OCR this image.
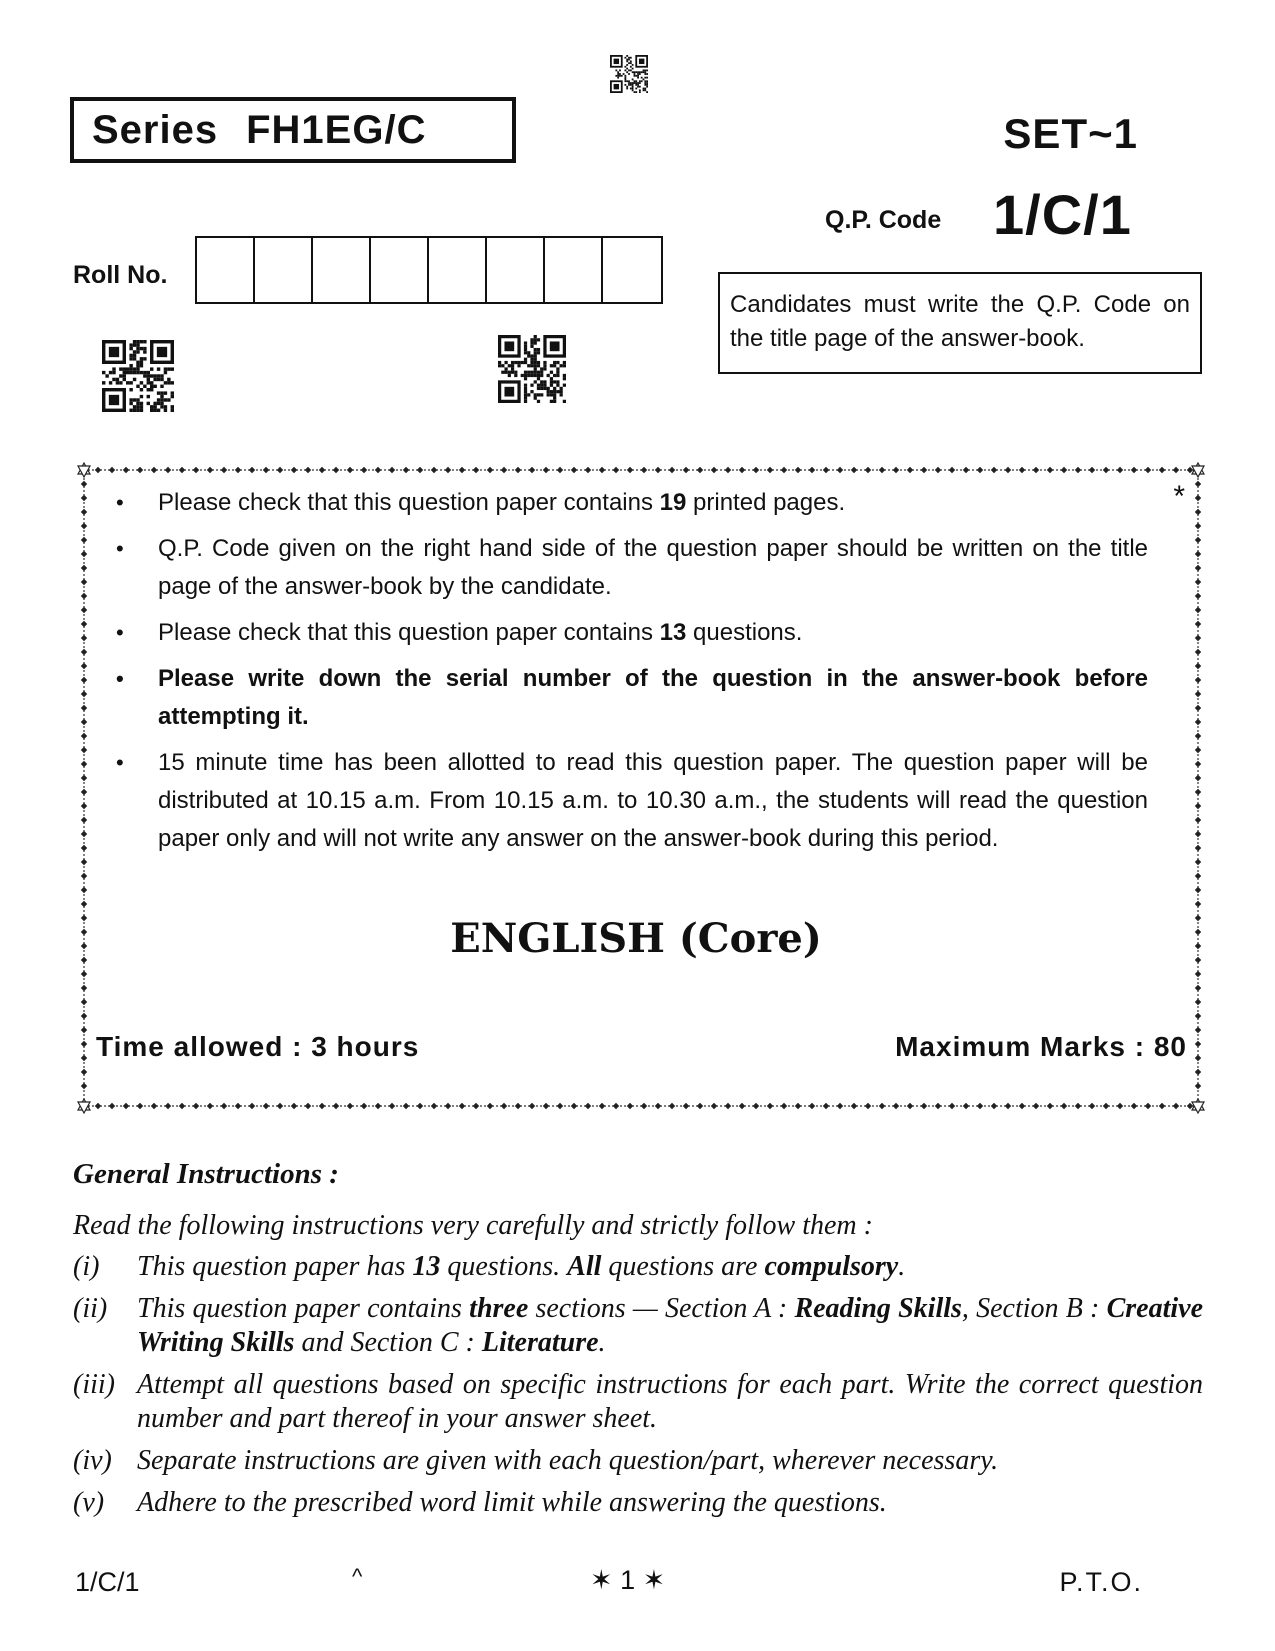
Series FH1EG/C	SET~1
Q.P. Code 1/C/1
Roll No.
Candidates must write the Q.P. Code on the title page of the answer-book.
*
• Please check that this question paper contains 19 printed pages.
• Q.P. Code given on the right hand side of the question paper should be written on the title page of the answer-book by the candidate.
• Please check that this question paper contains 13 questions.
• Please write down the serial number of the question in the answer-book before attempting it.
• 15 minute time has been allotted to read this question paper. The question paper will be distributed at 10.15 a.m. From 10.15 a.m. to 10.30 a.m., the students will read the question paper only and will not write any answer on the answer-book during this period.
ENGLISH (Core)
Time allowed : 3 hours	Maximum Marks : 80
General Instructions :
Read the following instructions very carefully and strictly follow them :
(i)	This question paper has 13 questions. All questions are compulsory.
(ii)	This question paper contains three sections — Section A : Reading Skills, Section B : Creative Writing Skills and Section C : Literature.
(iii) Attempt all questions based on specific instructions for each part. Write the correct question number and part thereof in your answer sheet.
(iv) Separate instructions are given with each question/part, wherever necessary.
(v)	Adhere to the prescribed word limit while answering the questions.
1/C/1	^	✶ 1 ✶	P.T.O.
